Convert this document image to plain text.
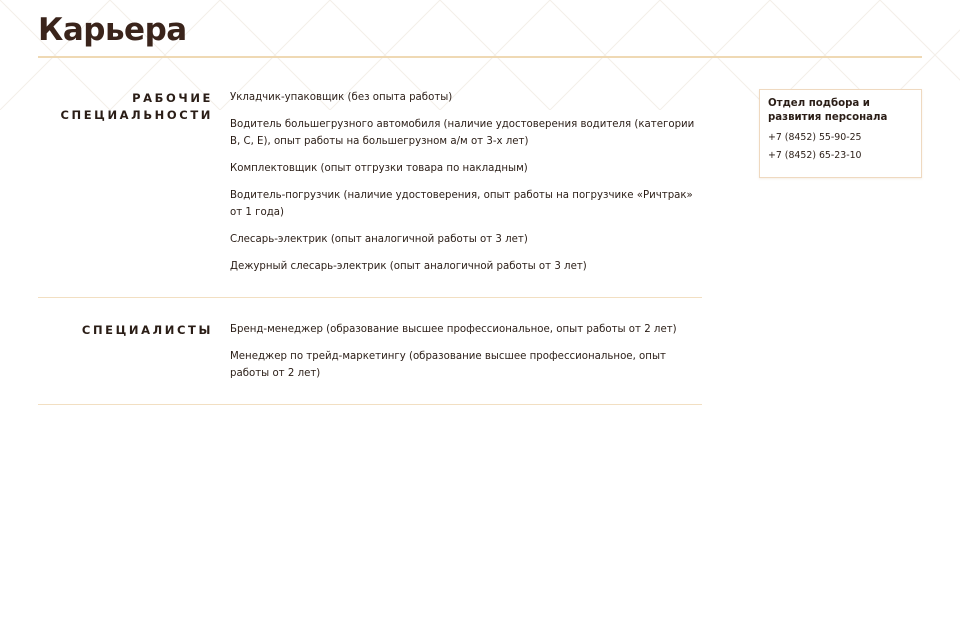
Карьера
РАБОЧИЕ
СПЕЦИАЛЬНОСТИ
Укладчик-упаковщик (без опыта работы)
Водитель большегрузного автомобиля (наличие удостоверения водителя (категории В, С, Е), опыт работы на большегрузном а/м от 3-х лет)
Комплектовщик (опыт отгрузки товара по накладным)
Водитель-погрузчик (наличие удостоверения, опыт работы на погрузчике «Ричтрак» от 1 года)
Слесарь-электрик (опыт аналогичной работы от 3 лет)
Дежурный слесарь-электрик (опыт аналогичной работы от 3 лет)
СПЕЦИАЛИСТЫ Бренд-менеджер (образование высшее профессиональное, опыт работы от 2 лет)
Менеджер по трейд-маркетингу (образование высшее профессиональное, опыт работы от 2 лет)
Отдел подбора и развития персонала
+7 (8452) 55-90-25
+7 (8452) 65-23-10
